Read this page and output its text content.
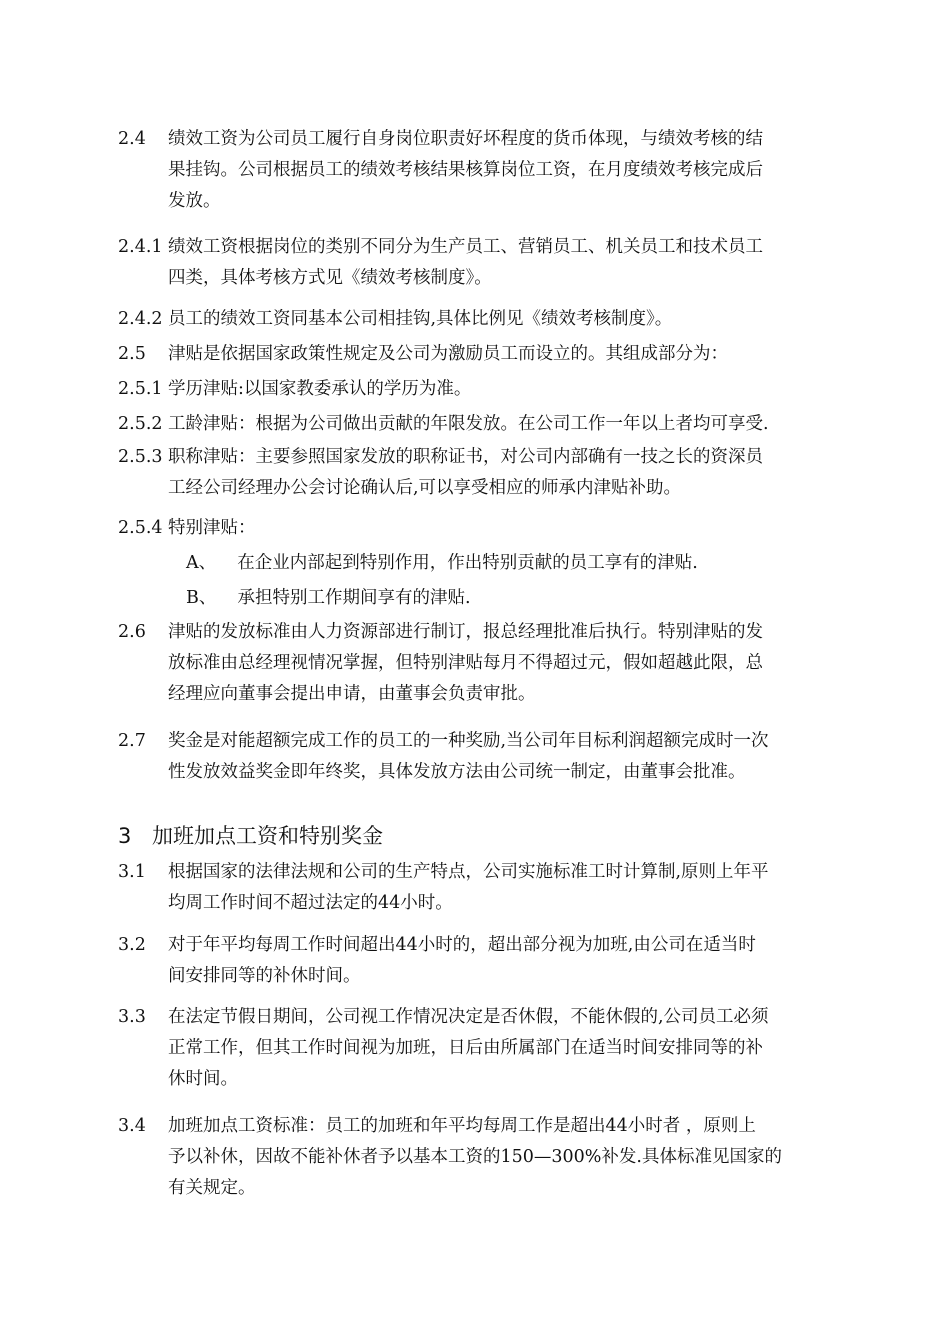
2.4 绩效工资为公司员工履行自身岗位职责好坏程度的货币体现，与绩效考核的结
果挂钩。公司根据员工的绩效考核结果核算岗位工资，在月度绩效考核完成后
发放。
2.4.1 绩效工资根据岗位的类别不同分为生产员工、营销员工、机关员工和技术员工
四类，具体考核方式见《绩效考核制度》。
2.4.2 员工的绩效工资同基本公司相挂钩,具体比例见《绩效考核制度》。
2.5 津贴是依据国家政策性规定及公司为激励员工而设立的。其组成部分为：
2.5.1 学历津贴:以国家教委承认的学历为准。
2.5.2 工龄津贴：根据为公司做出贡献的年限发放。在公司工作一年以上者均可享受.
2.5.3 职称津贴：主要参照国家发放的职称证书，对公司内部确有一技之长的资深员
工经公司经理办公会讨论确认后,可以享受相应的师承内津贴补助。
2.5.4 特别津贴：
A、 在企业内部起到特别作用，作出特别贡献的员工享有的津贴.
B、 承担特别工作期间享有的津贴.
2.6 津贴的发放标准由人力资源部进行制订，报总经理批准后执行。特别津贴的发
放标准由总经理视情况掌握，但特别津贴每月不得超过元，假如超越此限，总
经理应向董事会提出申请，由董事会负责审批。
2.7 奖金是对能超额完成工作的员工的一种奖励,当公司年目标利润超额完成时一次
性发放效益奖金即年终奖，具体发放方法由公司统一制定，由董事会批准。
3 加班加点工资和特别奖金
3.1 根据国家的法律法规和公司的生产特点，公司实施标准工时计算制,原则上年平
均周工作时间不超过法定的44小时。
3.2 对于年平均每周工作时间超出44小时的，超出部分视为加班,由公司在适当时
间安排同等的补休时间。
3.3 在法定节假日期间，公司视工作情况决定是否休假，不能休假的,公司员工必须
正常工作，但其工作时间视为加班，日后由所属部门在适当时间安排同等的补
休时间。
3.4 加班加点工资标准：员工的加班和年平均每周工作是超出44小时者 ，原则上
予以补休，因故不能补休者予以基本工资的150—300%补发.具体标准见国家的
有关规定。
